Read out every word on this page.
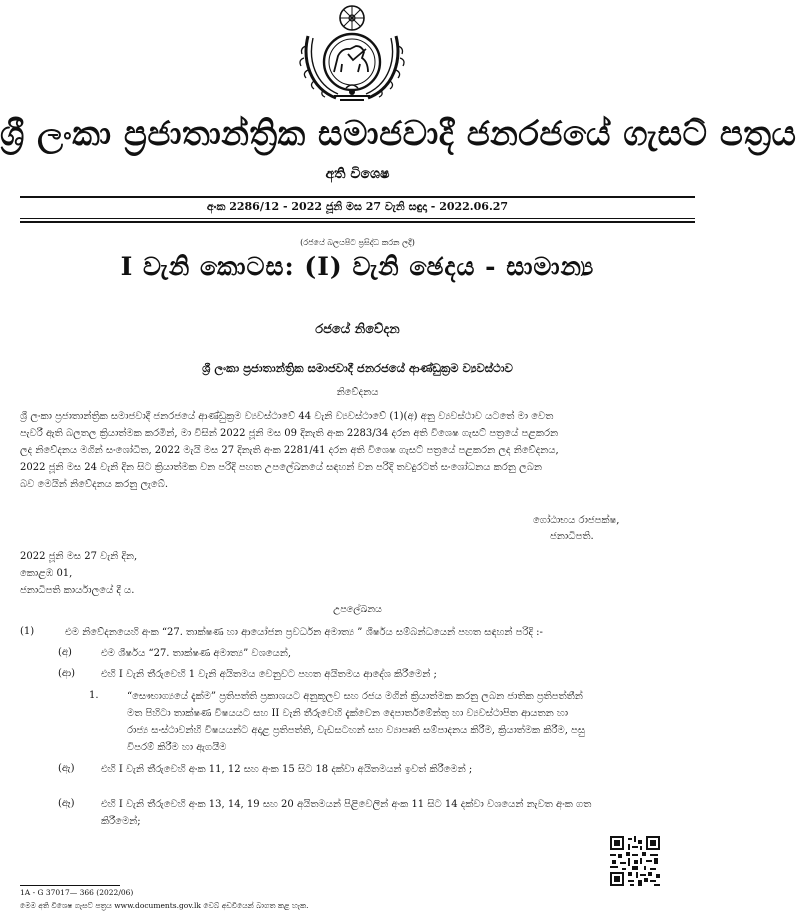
ශ්‍රී ලංකා ප්‍රජාතාන්ත්‍රික සමාජවාදී ජනරජයේ ගැසට් පත්‍රය
අති විශෙෂ
අංක 2286/12 - 2022 ජූනි මස 27 වැනි සඳුදා - 2022.06.27
(රජයේ බලයපිට ප්‍රසිද්ධ කරන ලදී)
I වැනි කොටස: (I) වැනි ඡෙදය - සාමාන්‍ය
රජයේ නිවේදන
ශ්‍රී ලංකා ප්‍රජාතාන්ත්‍රික සමාජවාදී ජනරජයේ ආණ්ඩුක්‍රම ව්‍යවස්ථාව
නිවේදනය
ශ්‍රී ලංකා ප්‍රජාතාන්ත්‍රික සමාජවාදී ජනරජයේ ආණ්ඩුක්‍රම ව්‍යවස්ථාවේ 44 වැනි ව්‍යවස්ථාවේ (1)(අ) අනු ව්‍යවස්ථාව යටතේ මා වෙත
පැවරී ඇති බලතල ක්‍රියාත්මක කරමින්, මා විසින් 2022 ජූනි මස 09 දිනැති අංක 2283/34 දරන අති විශෙෂ ගැසට් පත්‍රයේ පළකරන
ලද නිවේදනය මගින් සංශෝධිත, 2022 මැයි මස 27 දිනැති අංක 2281/41 දරන අති විශෙෂ ගැසට් පත්‍රයේ පළකරන ලද නිවේදනය,
2022 ජූනි මස 24 වැනි දින සිට ක්‍රියාත්මක වන පරිදි පහත උපලේඛනයේ සඳහන් වන පරිදි තවදුරටත් සංශෝධනය කරනු ලබන
බව මෙයින් නිවේදනය කරනු ලැබේ.
ගෝඨාභය රාජපක්ෂ,
ජනාධිපති.
2022 ජූනි මස 27 වැනි දින,
කොළඹ 01,
ජනාධිපති කාර්යාලයේ දී ය.
උපලේඛනය
(1)	එම නිවේදනයෙහි අංක “27. තාක්ෂණ හා ආයෝජන ප්‍රවර්ධන අමාත්‍ය ” ශීර්ෂය සම්බන්ධයෙන් පහත සඳහන් පරිදි :-
(අ)	එම ශීර්ෂය “27. තාක්ෂණ අමාත්‍ය” වශයෙන්,
(ආ)	එහි I වැනි තීරුවෙහි 1 වැනි අයිතමය වෙනුවට පහත අයිතමය ආදේශ කිරීමෙන් ;
1.	“සෞභාග්‍යයේ දැක්ම” ප්‍රතිපත්ති ප්‍රකාශයට අනුකූලව සහ රජය මගින් ක්‍රියාත්මක කරනු ලබන ජාතික ප්‍රතිපත්තීන්
මත පිහිටා තාක්ෂණ විෂයයට සහ II වැනි තීරුවෙහි දැක්වෙන දෙපාර්තමේන්තු හා ව්‍යවස්ථාපිත ආයතන හා
රාජ්‍ය සංස්ථාවන්හි විෂයයන්ට අදාළ ප්‍රතිපත්ති, වැඩසටහන් සහ ව්‍යාපෘති සම්පාදනය කිරීම, ක්‍රියාත්මක කිරීම, පසු
විපරම් කිරීම හා ඇගයීම
(ඇ)	එහි I වැනි තීරුවෙහි අංක 11, 12 සහ අංක 15 සිට 18 දක්වා අයිතමයන් ඉවත් කිරීමෙන් ;
(ඈ)	එහි I වැනි තීරුවෙහි අංක 13, 14, 19 සහ 20 අයිතමයන් පිළිවෙලින් අංක 11 සිට 14 දක්වා වශයෙන් නැවත අංක ගත
කිරීමෙන්;
1A - G 37017— 366 (2022/06)
මෙම අති විශෙෂ ගැසට් පත්‍රය www.documents.gov.lk වෙබ් අඩවියෙන් බාගත කළ හැක.
